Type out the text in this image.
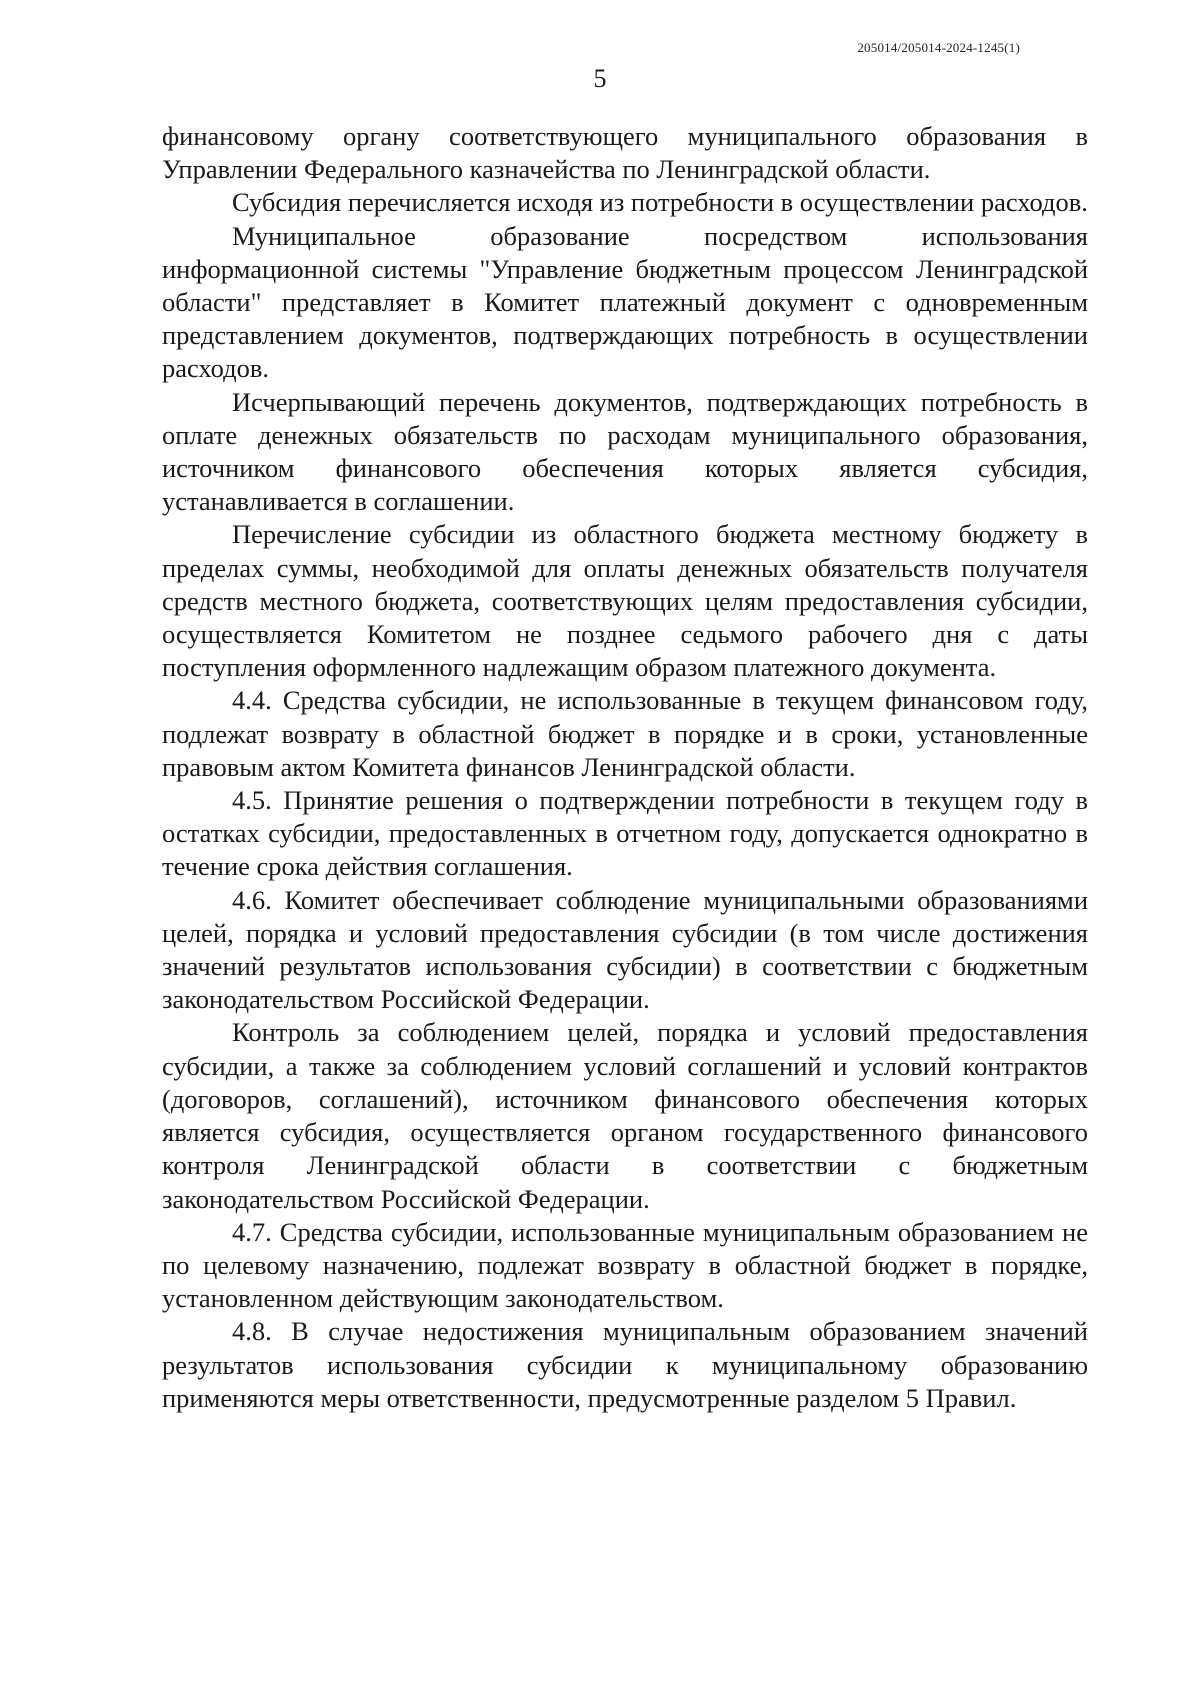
205014/205014-2024-1245(1)
5

финансовому органу соответствующего муниципального образования в Управлении Федерального казначейства по Ленинградской области.

Субсидия перечисляется исходя из потребности в осуществлении расходов.

Муниципальное образование посредством использования информационной системы "Управление бюджетным процессом Ленинградской области" представляет в Комитет платежный документ с одновременным представлением документов, подтверждающих потребность в осуществлении расходов.

Исчерпывающий перечень документов, подтверждающих потребность в оплате денежных обязательств по расходам муниципального образования, источником финансового обеспечения которых является субсидия, устанавливается в соглашении.

Перечисление субсидии из областного бюджета местному бюджету в пределах суммы, необходимой для оплаты денежных обязательств получателя средств местного бюджета, соответствующих целям предоставления субсидии, осуществляется Комитетом не позднее седьмого рабочего дня с даты поступления оформленного надлежащим образом платежного документа.

4.4. Средства субсидии, не использованные в текущем финансовом году, подлежат возврату в областной бюджет в порядке и в сроки, установленные правовым актом Комитета финансов Ленинградской области.

4.5. Принятие решения о подтверждении потребности в текущем году в остатках субсидии, предоставленных в отчетном году, допускается однократно в течение срока действия соглашения.

4.6. Комитет обеспечивает соблюдение муниципальными образованиями целей, порядка и условий предоставления субсидии (в том числе достижения значений результатов использования субсидии) в соответствии с бюджетным законодательством Российской Федерации.

Контроль за соблюдением целей, порядка и условий предоставления субсидии, а также за соблюдением условий соглашений и условий контрактов (договоров, соглашений), источником финансового обеспечения которых является субсидия, осуществляется органом государственного финансового контроля Ленинградской области в соответствии с бюджетным законодательством Российской Федерации.

4.7. Средства субсидии, использованные муниципальным образованием не по целевому назначению, подлежат возврату в областной бюджет в порядке, установленном действующим законодательством.

4.8. В случае недостижения муниципальным образованием значений результатов использования субсидии к муниципальному образованию применяются меры ответственности, предусмотренные разделом 5 Правил.
